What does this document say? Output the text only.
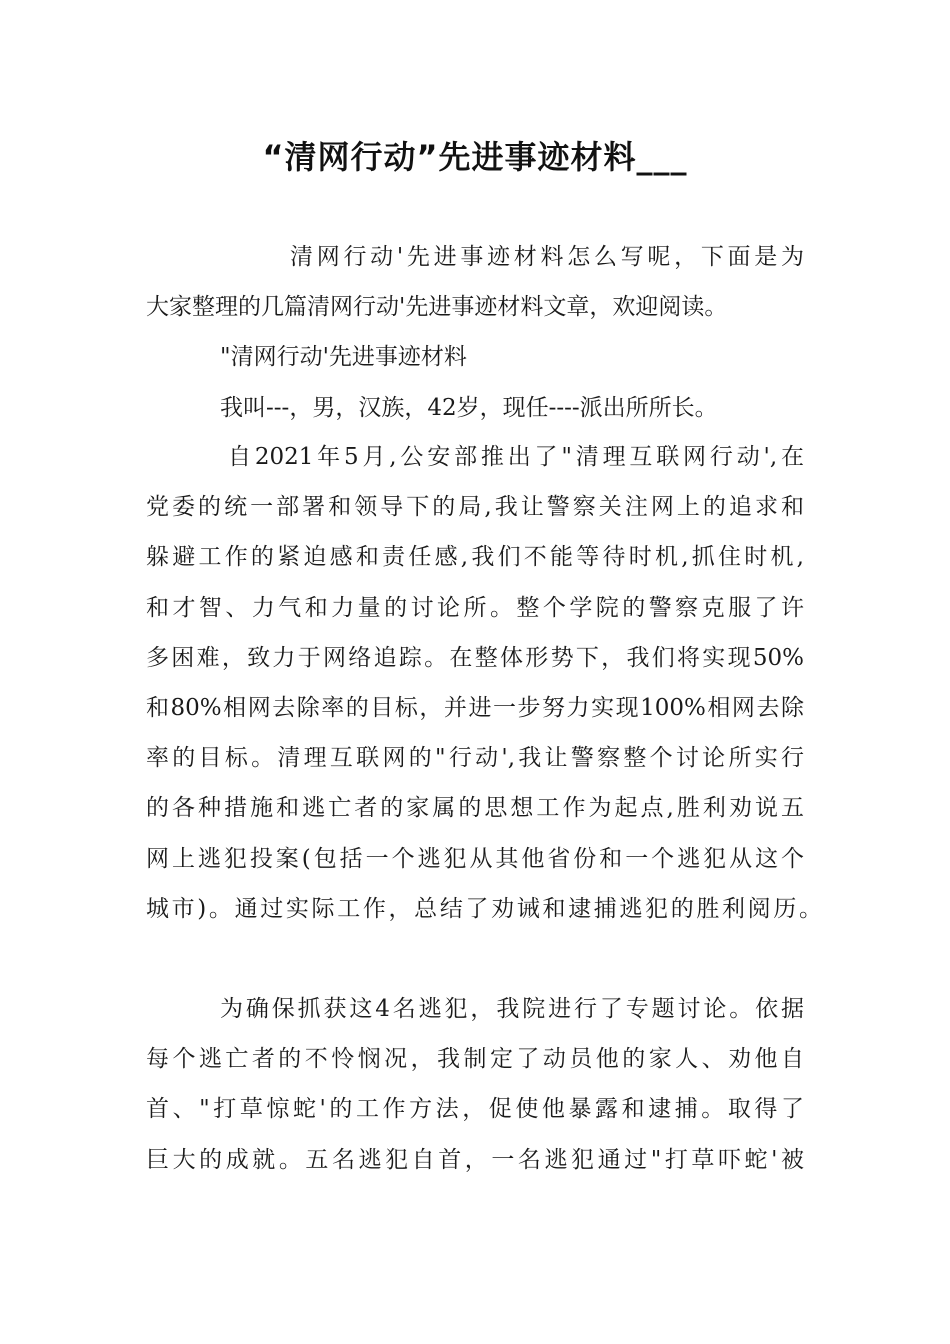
“清网行动”先进事迹材料___
清网行动'先进事迹材料怎么写呢，下面是为
大家整理的几篇清网行动'先进事迹材料文章，欢迎阅读。
"清网行动'先进事迹材料
我叫---，男，汉族，42岁，现任----派出所所长。
自2021年5月,公安部推出了"清理互联网行动',在
党委的统一部署和领导下的局,我让警察关注网上的追求和
躲避工作的紧迫感和责任感,我们不能等待时机,抓住时机,
和才智、力气和力量的讨论所。整个学院的警察克服了许
多困难，致力于网络追踪。在整体形势下，我们将实现50%
和80%相网去除率的目标，并进一步努力实现100%相网去除
率的目标。清理互联网的"行动',我让警察整个讨论所实行
的各种措施和逃亡者的家属的思想工作为起点,胜利劝说五
网上逃犯投案(包括一个逃犯从其他省份和一个逃犯从这个
城市)。通过实际工作，总结了劝诫和逮捕逃犯的胜利阅历。
为确保抓获这4名逃犯，我院进行了专题讨论。依据
每个逃亡者的不怜悯况，我制定了动员他的家人、劝他自
首、"打草惊蛇'的工作方法，促使他暴露和逮捕。取得了
巨大的成就。五名逃犯自首，一名逃犯通过"打草吓蛇'被
